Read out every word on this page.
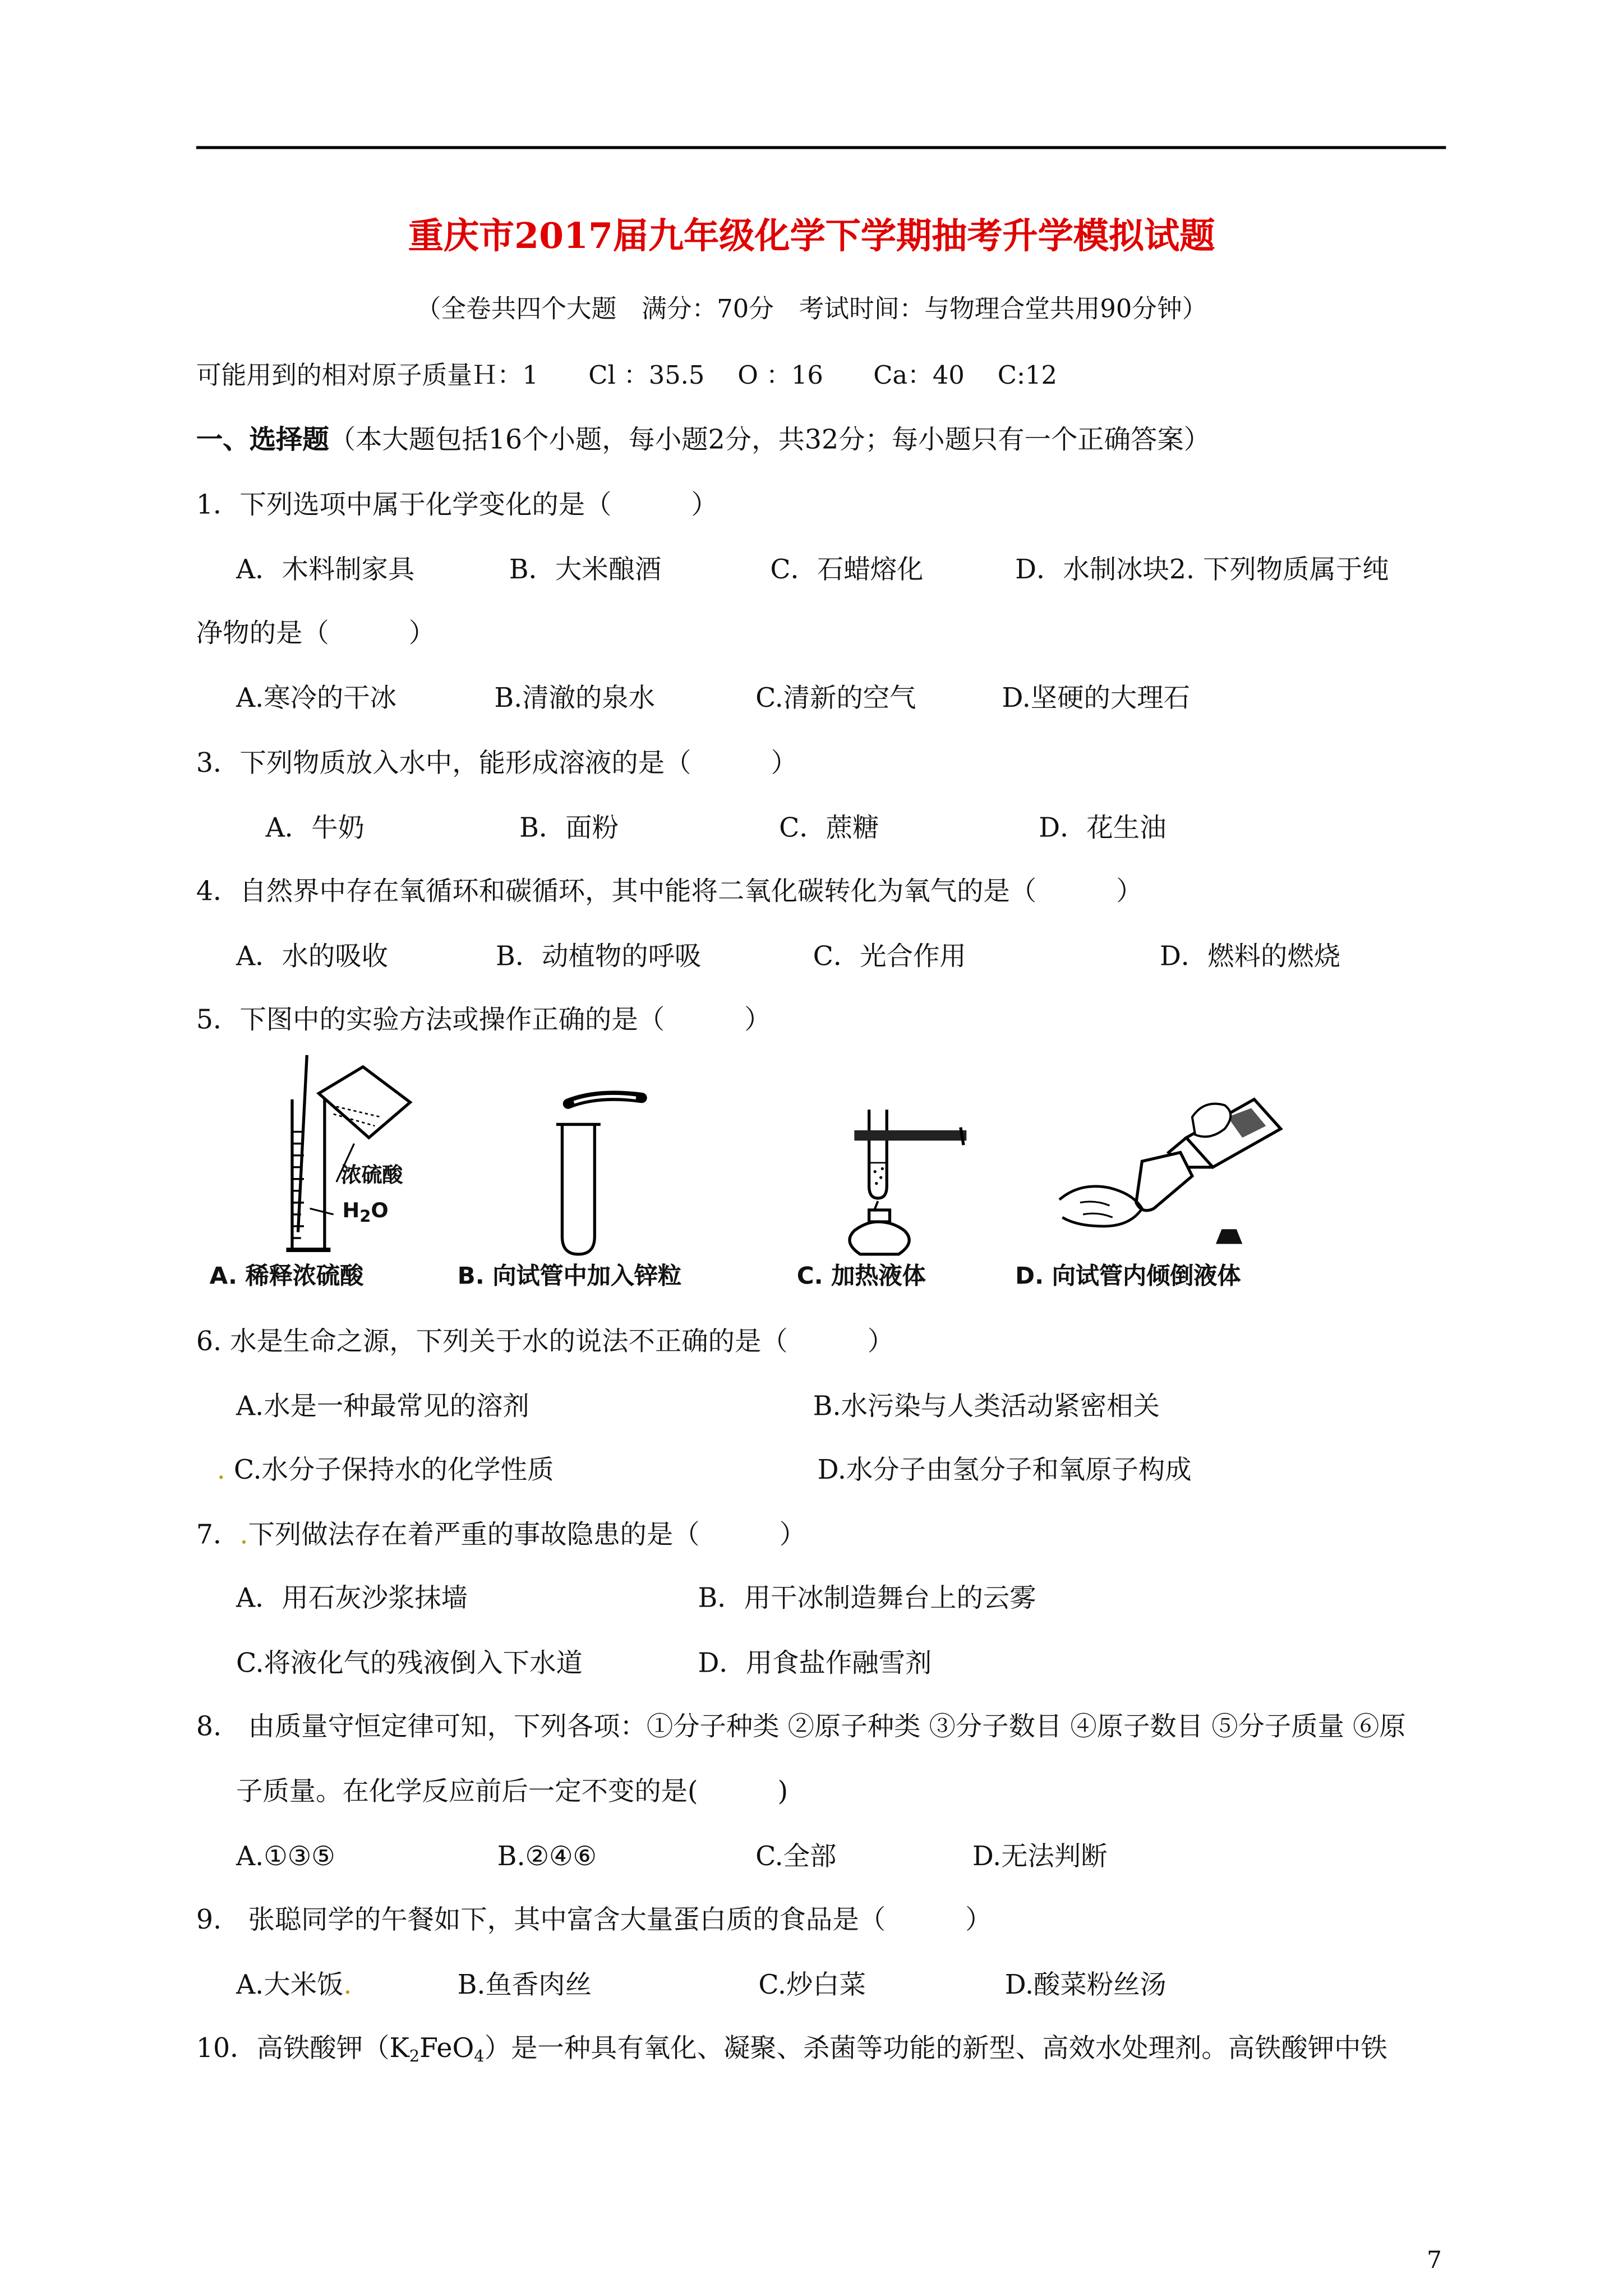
重庆市2017届九年级化学下学期抽考升学模拟试题
（全卷共四个大题　满分：70分　考试时间：与物理合堂共用90分钟）
可能用到的相对原子质量Ｈ：1　　Cl ：35.5　 O ：16　　Ca：40　 C:12
一、选择题（本大题包括16个小题，每小题2分，共32分；每小题只有一个正确答案）
1．下列选项中属于化学变化的是（　　　）
A．木料制家具	B．大米酿酒	C．石蜡熔化	D．水制冰块2. 下列物质属于纯
净物的是（　　　）
A.寒冷的干冰	B.清澈的泉水	C.清新的空气	D.坚硬的大理石
3．下列物质放入水中，能形成溶液的是（　　　）
A．牛奶	B．面粉	C．蔗糖	D．花生油
4．自然界中存在氧循环和碳循环，其中能将二氧化碳转化为氧气的是（　　　）
A．水的吸收	B．动植物的呼吸	C．光合作用	D．燃料的燃烧
5．下图中的实验方法或操作正确的是（　　　）
浓硫酸
$H_2O$
A. 稀释浓硫酸	B. 向试管中加入锌粒	C. 加热液体	D. 向试管内倾倒液体
6. 水是生命之源，下列关于水的说法不正确的是（　　　）
A.水是一种最常见的溶剂	B.水污染与人类活动紧密相关
. C.水分子保持水的化学性质	D.水分子由氢分子和氧原子构成
7．.下列做法存在着严重的事故隐患的是（　　　）
A．用石灰沙浆抹墙	B．用干冰制造舞台上的云雾
C.将液化气的残液倒入下水道	D．用食盐作融雪剂
8.　由质量守恒定律可知，下列各项：①分子种类 ②原子种类 ③分子数目 ④原子数目 ⑤分子质量 ⑥原
子质量。在化学反应前后一定不变的是(　　　)
A.①③⑤	B.②④⑥	C.全部	D.无法判断
9.　张聪同学的午餐如下，其中富含大量蛋白质的食品是（　　　）
A.大米饭.	B.鱼香肉丝	C.炒白菜	D.酸菜粉丝汤
10．高铁酸钾$(K_2FeO_4)$是一种具有氧化、凝聚、杀菌等功能的新型、高效水处理剂。高铁酸钾中铁
7
